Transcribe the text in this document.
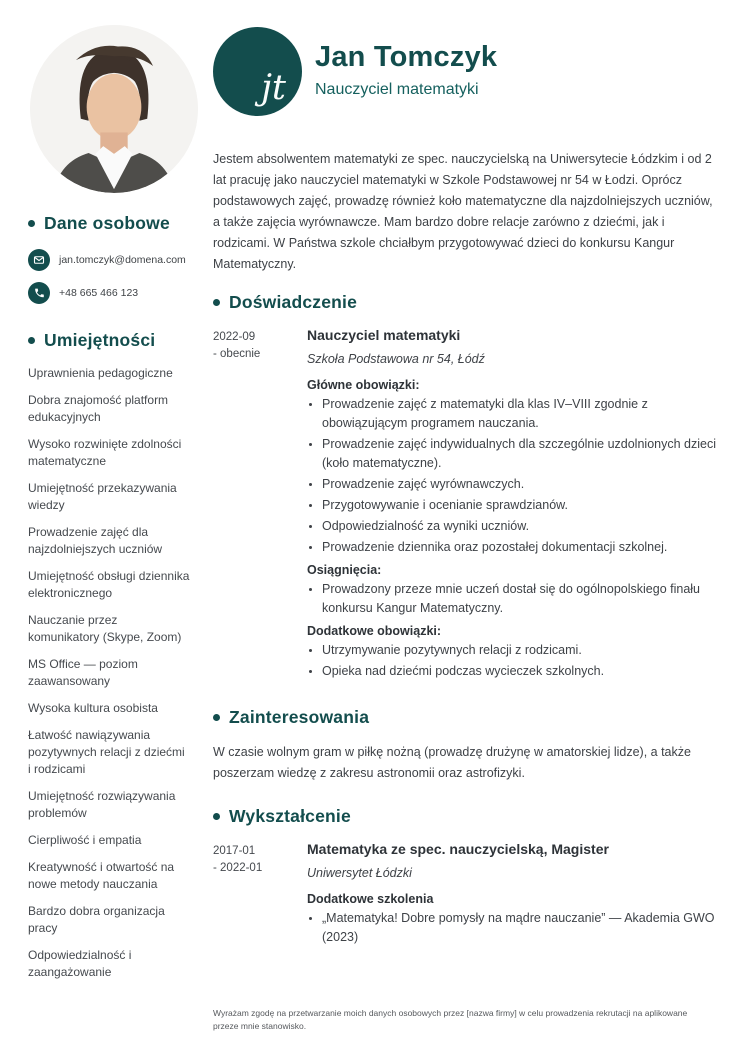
Dane osobowe
jan.tomczyk@domena.com
+48 665 466 123
Umiejętności
Uprawnienia pedagogiczne
Dobra znajomość platform edukacyjnych
Wysoko rozwinięte zdolności matematyczne
Umiejętność przekazywania wiedzy
Prowadzenie zajęć dla najzdolniejszych uczniów
Umiejętność obsługi dziennika elektronicznego
Nauczanie przez komunikatory (Skype, Zoom)
MS Office — poziom zaawansowany
Wysoka kultura osobista
Łatwość nawiązywania pozytywnych relacji z dziećmi i rodzicami
Umiejętność rozwiązywania problemów
Cierpliwość i empatia
Kreatywność i otwartość na nowe metody nauczania
Bardzo dobra organizacja pracy
Odpowiedzialność i zaangażowanie
jt
Jan Tomczyk
Nauczyciel matematyki

Jestem absolwentem matematyki ze spec. nauczycielską na Uniwersytecie Łódzkim i od 2 lat pracuję jako nauczyciel matematyki w Szkole Podstawowej nr 54 w Łodzi. Oprócz podstawowych zajęć, prowadzę również koło matematyczne dla najzdolniejszych uczniów, a także zajęcia wyrównawcze. Mam bardzo dobre relacje zarówno z dziećmi, jak i rodzicami. W Państwa szkole chciałbym przygotowywać dzieci do konkursu Kangur Matematyczny.

Doświadczenie
2022-09
- obecnie
Nauczyciel matematyki
Szkoła Podstawowa nr 54, Łódź
Główne obowiązki:
• Prowadzenie zajęć z matematyki dla klas IV–VIII zgodnie z obowiązującym programem nauczania.
• Prowadzenie zajęć indywidualnych dla szczególnie uzdolnionych dzieci (koło matematyczne).
• Prowadzenie zajęć wyrównawczych.
• Przygotowywanie i ocenianie sprawdzianów.
• Odpowiedzialność za wyniki uczniów.
• Prowadzenie dziennika oraz pozostałej dokumentacji szkolnej.
Osiągnięcia:
• Prowadzony przeze mnie uczeń dostał się do ogólnopolskiego finału konkursu Kangur Matematyczny.
Dodatkowe obowiązki:
• Utrzymywanie pozytywnych relacji z rodzicami.
• Opieka nad dziećmi podczas wycieczek szkolnych.
Zainteresowania

W czasie wolnym gram w piłkę nożną (prowadzę drużynę w amatorskiej lidze), a także poszerzam wiedzę z zakresu astronomii oraz astrofizyki.

Wykształcenie
2017-01
- 2022-01
Matematyka ze spec. nauczycielską, Magister
Uniwersytet Łódzki
Dodatkowe szkolenia
• „Matematyka! Dobre pomysły na mądre nauczanie” — Akademia GWO (2023)
Wyrażam zgodę na przetwarzanie moich danych osobowych przez [nazwa firmy] w celu prowadzenia rekrutacji na aplikowane przeze mnie stanowisko.
